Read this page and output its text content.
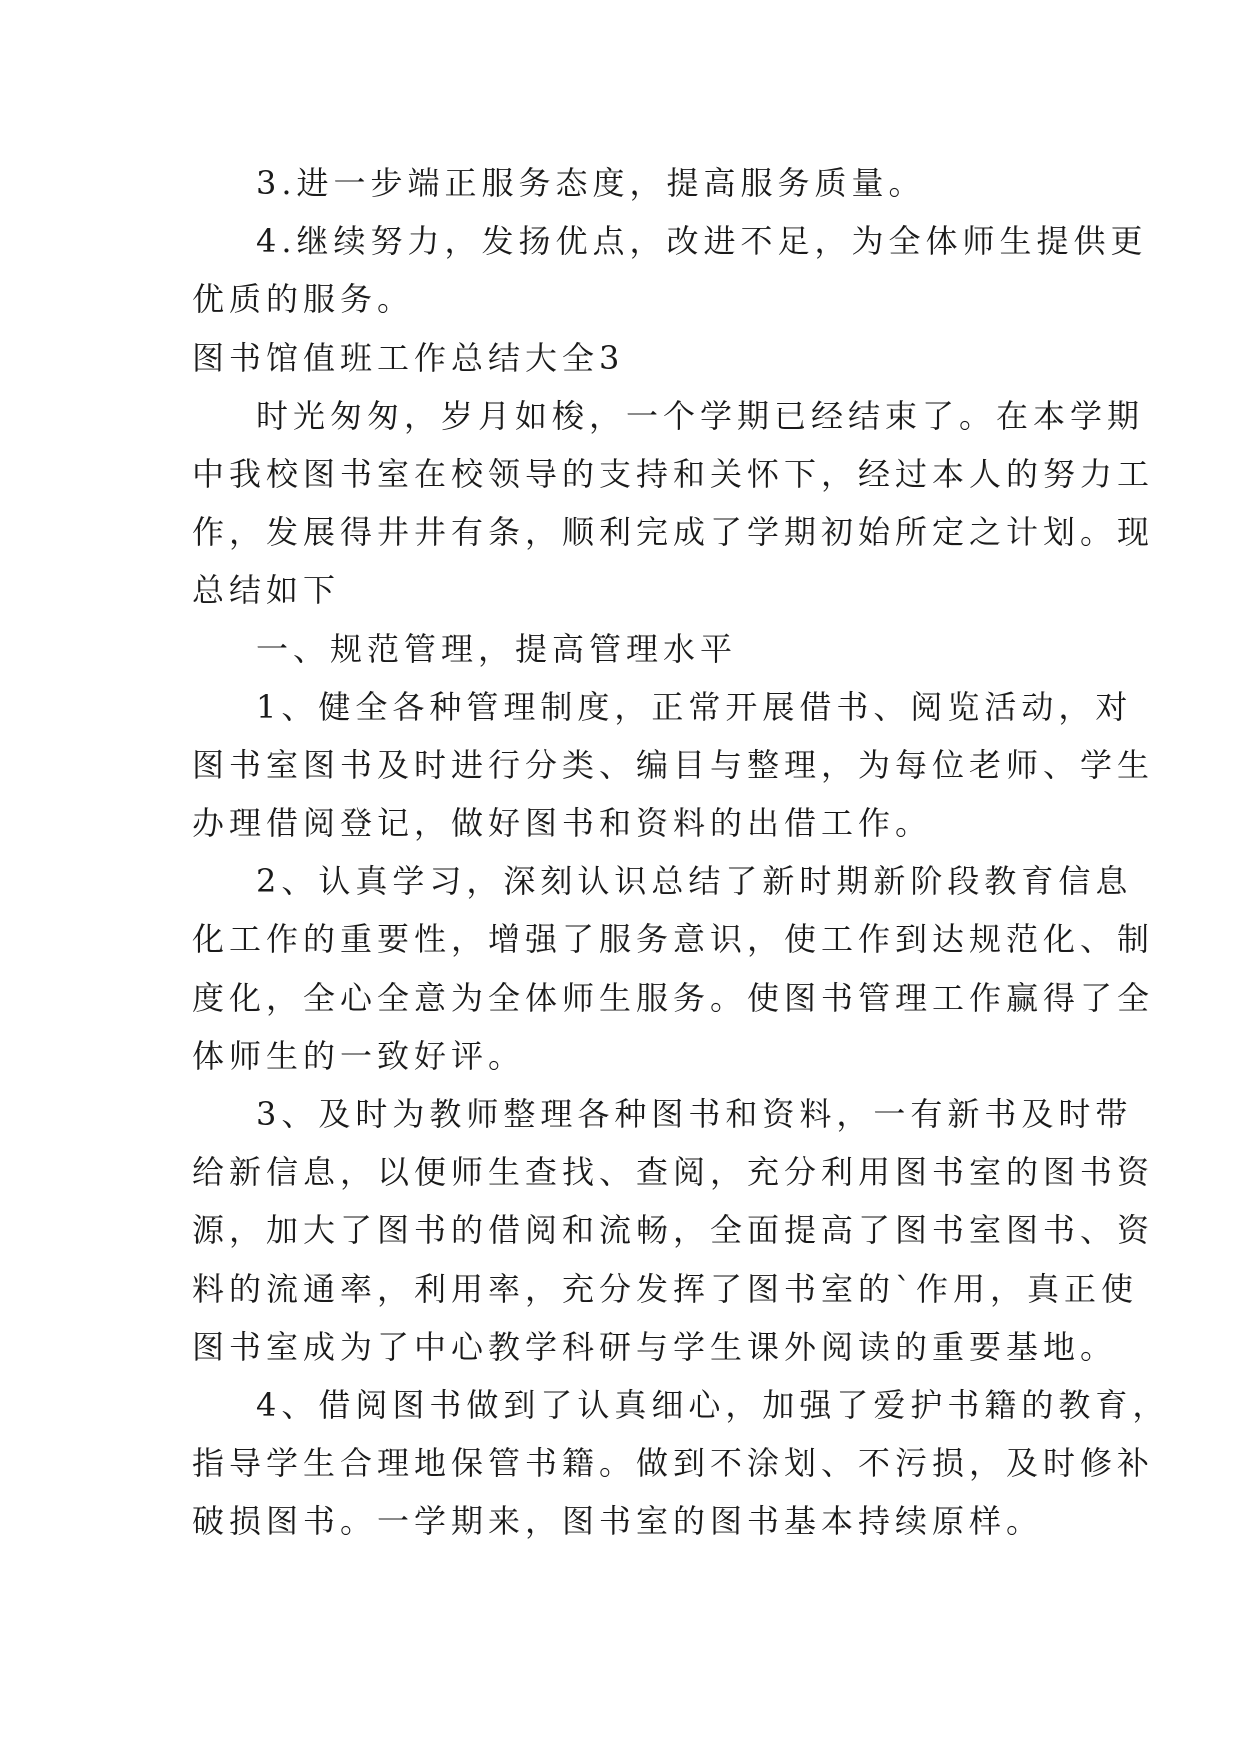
3.进一步端正服务态度，提高服务质量。
4.继续努力，发扬优点，改进不足，为全体师生提供更
优质的服务。
图书馆值班工作总结大全3
时光匆匆，岁月如梭，一个学期已经结束了。在本学期
中我校图书室在校领导的支持和关怀下，经过本人的努力工
作，发展得井井有条，顺利完成了学期初始所定之计划。现
总结如下
一、规范管理，提高管理水平
1、健全各种管理制度，正常开展借书、阅览活动，对
图书室图书及时进行分类、编目与整理，为每位老师、学生
办理借阅登记，做好图书和资料的出借工作。
2、认真学习，深刻认识总结了新时期新阶段教育信息
化工作的重要性，增强了服务意识，使工作到达规范化、制
度化，全心全意为全体师生服务。使图书管理工作赢得了全
体师生的一致好评。
3、及时为教师整理各种图书和资料，一有新书及时带
给新信息，以便师生查找、查阅，充分利用图书室的图书资
源，加大了图书的借阅和流畅，全面提高了图书室图书、资
料的流通率，利用率，充分发挥了图书室的`作用，真正使
图书室成为了中心教学科研与学生课外阅读的重要基地。
4、借阅图书做到了认真细心，加强了爱护书籍的教育，
指导学生合理地保管书籍。做到不涂划、不污损，及时修补
破损图书。一学期来，图书室的图书基本持续原样。
